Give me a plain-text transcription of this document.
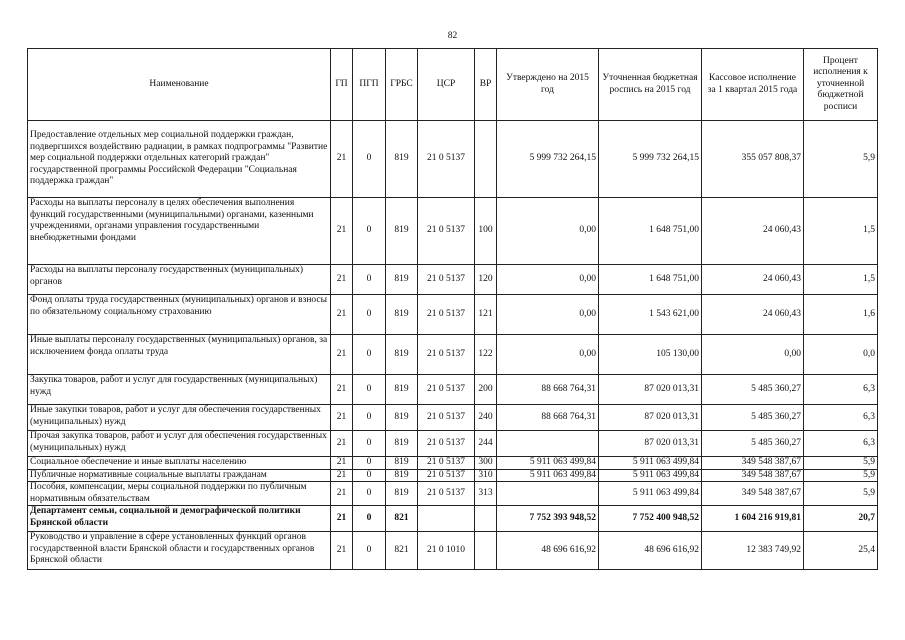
82
Наименование	ГП	ПГП	ГРБС	ЦСР	ВР	Утверждено на 2015 год	Уточненная бюджетная роспись на 2015 год	Кассовое исполнение за 1 квартал 2015 года	Процент исполнения к уточненной бюджетной росписи
Предоставление отдельных мер социальной поддержки граждан, подвергшихся воздействию радиации, в рамках подпрограммы "Развитие мер социальной поддержки отдельных категорий граждан" государственной программы Российской Федерации "Социальная поддержка граждан"	21	0	819	21 0 5137		5 999 732 264,15	5 999 732 264,15	355 057 808,37	5,9
Расходы на выплаты персоналу в целях обеспечения выполнения функций государственными (муниципальными) органами, казенными учреждениями, органами управления государственными внебюджетными фондами	21	0	819	21 0 5137	100	0,00	1 648 751,00	24 060,43	1,5
Расходы на выплаты персоналу государственных (муниципальных) органов	21	0	819	21 0 5137	120	0,00	1 648 751,00	24 060,43	1,5
Фонд оплаты труда государственных (муниципальных) органов и взносы по обязательному социальному страхованию	21	0	819	21 0 5137	121	0,00	1 543 621,00	24 060,43	1,6
Иные выплаты персоналу государственных (муниципальных) органов, за исключением фонда оплаты труда	21	0	819	21 0 5137	122	0,00	105 130,00	0,00	0,0
Закупка товаров, работ и услуг для государственных (муниципальных) нужд	21	0	819	21 0 5137	200	88 668 764,31	87 020 013,31	5 485 360,27	6,3
Иные закупки товаров, работ и услуг для обеспечения государственных (муниципальных) нужд	21	0	819	21 0 5137	240	88 668 764,31	87 020 013,31	5 485 360,27	6,3
Прочая закупка товаров, работ и услуг для обеспечения государственных (муниципальных) нужд	21	0	819	21 0 5137	244		87 020 013,31	5 485 360,27	6,3
Социальное обеспечение и иные выплаты населению	21	0	819	21 0 5137	300	5 911 063 499,84	5 911 063 499,84	349 548 387,67	5,9
Публичные нормативные социальные выплаты гражданам	21	0	819	21 0 5137	310	5 911 063 499,84	5 911 063 499,84	349 548 387,67	5,9
Пособия, компенсации, меры социальной поддержки по публичным нормативным обязательствам	21	0	819	21 0 5137	313		5 911 063 499,84	349 548 387,67	5,9
Департамент семьи, социальной и демографической политики Брянской области	21	0	821			7 752 393 948,52	7 752 400 948,52	1 604 216 919,81	20,7
Руководство и управление в сфере установленных функций органов государственной власти Брянской области и государственных органов Брянской области	21	0	821	21 0 1010		48 696 616,92	48 696 616,92	12 383 749,92	25,4
